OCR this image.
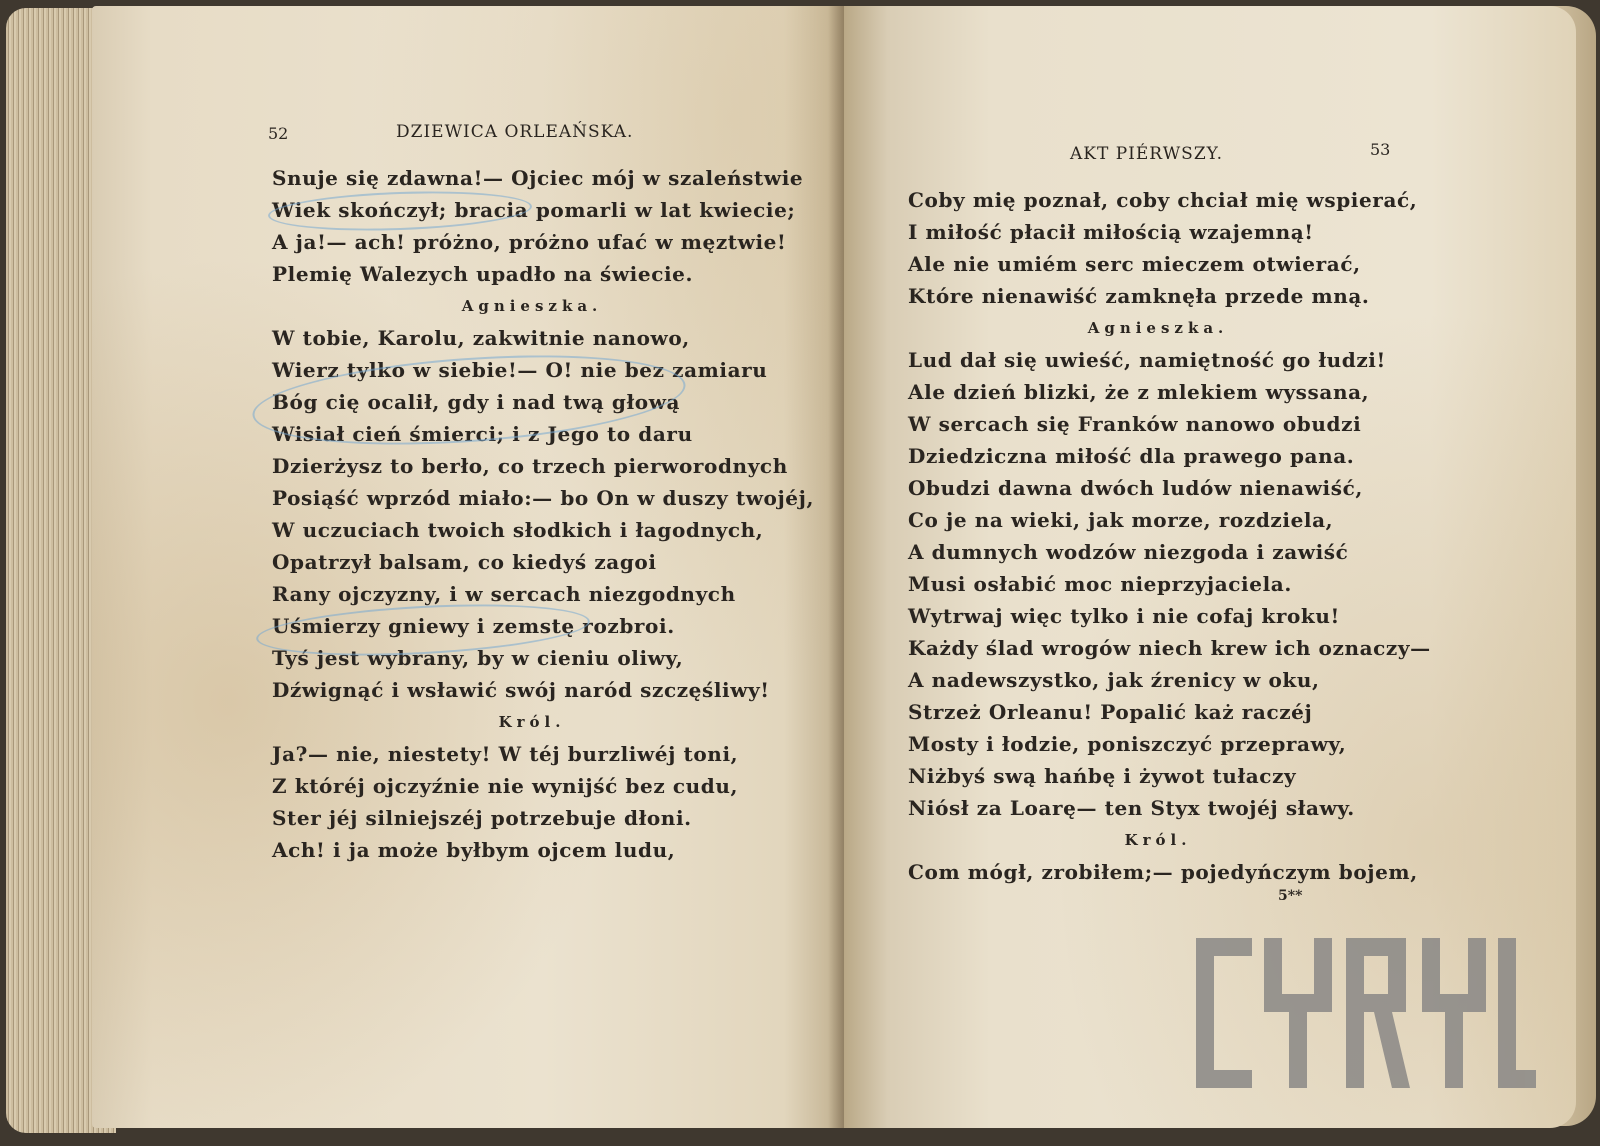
52	DZIEWICA ORLEAŃSKA.
Snuje się zdawna!— Ojciec mój w szaleństwie
Wiek skończył; bracia pomarli w lat kwiecie;
A ja!— ach! próżno, próżno ufać w męztwie!
Plemię Walezych upadło na świecie.
Agnieszka.
W tobie, Karolu, zakwitnie nanowo,
Wierz tylko w siebie!— O! nie bez zamiaru
Bóg cię ocalił, gdy i nad twą głową
Wisiał cień śmierci; i z Jego to daru
Dzierżysz to berło, co trzech pierworodnych
Posiąść wprzód miało:— bo On w duszy twojéj,
W uczuciach twoich słodkich i łagodnych,
Opatrzył balsam, co kiedyś zagoi
Rany ojczyzny, i w sercach niezgodnych
Uśmierzy gniewy i zemstę rozbroi.
Tyś jest wybrany, by w cieniu oliwy,
Dźwignąć i wsławić swój naród szczęśliwy!
Król.
Ja?— nie, niestety! W téj burzliwéj toni,
Z któréj ojczyźnie nie wynijść bez cudu,
Ster jéj silniejszéj potrzebuje dłoni.
Ach! i ja może byłbym ojcem ludu,
AKT PIÉRWSZY.	53
Coby mię poznał, coby chciał mię wspierać,
I miłość płacił miłością wzajemną!
Ale nie umiém serc mieczem otwierać,
Które nienawiść zamknęła przede mną.
Agnieszka.
Lud dał się uwieść, namiętność go łudzi!
Ale dzień blizki, że z mlekiem wyssana,
W sercach się Franków nanowo obudzi
Dziedziczna miłość dla prawego pana.
Obudzi dawna dwóch ludów nienawiść,
Co je na wieki, jak morze, rozdziela,
A dumnych wodzów niezgoda i zawiść
Musi osłabić moc nieprzyjaciela.
Wytrwaj więc tylko i nie cofaj kroku!
Każdy ślad wrogów niech krew ich oznaczy—
A nadewszystko, jak źrenicy w oku,
Strzeż Orleanu! Popalić każ raczéj
Mosty i łodzie, poniszczyć przeprawy,
Niżbyś swą hańbę i żywot tułaczy
Niósł za Loarę— ten Styx twojéj sławy.
Król.
Com mógł, zrobiłem;— pojedyńczym bojem,
5**
